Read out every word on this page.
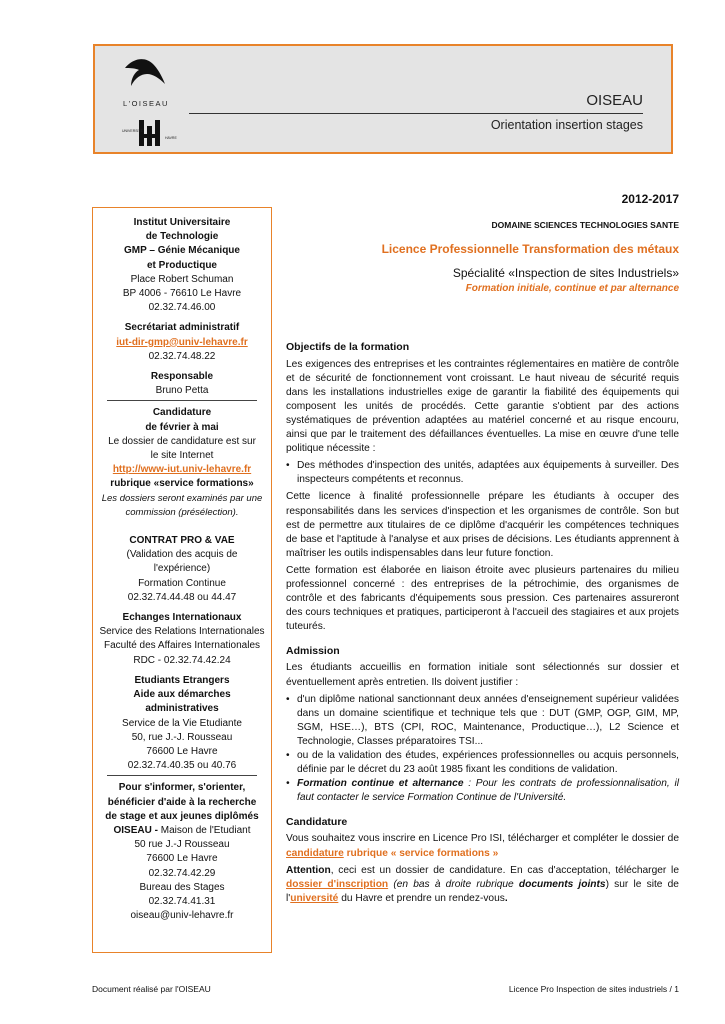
L'OISEAU
UNIVERSITÉ
HAVRE
OISEAU
Orientation insertion stages
Institut Universitaire
de Technologie
GMP – Génie Mécanique
et Productique
Place Robert Schuman
BP 4006 - 76610 Le Havre
02.32.74.46.00
Secrétariat administratif
iut-dir-gmp@univ-lehavre.fr
02.32.74.48.22
Responsable
Bruno Petta
Candidature
de février à mai
Le dossier de candidature est sur
le site Internet
http://www-iut.univ-lehavre.fr
rubrique «service formations»
Les dossiers seront examinés par une commission (présélection).
CONTRAT PRO & VAE
(Validation des acquis de
l'expérience)
Formation Continue
02.32.74.44.48 ou 44.47
Echanges Internationaux
Service des Relations Internationales
Faculté des Affaires Internationales
RDC - 02.32.74.42.24
Etudiants Etrangers
Aide aux démarches administratives
Service de la Vie Etudiante
50, rue J.-J. Rousseau
76600 Le Havre
02.32.74.40.35 ou 40.76
Pour s'informer, s'orienter,
bénéficier d'aide à la recherche
de stage et aux jeunes diplômés
OISEAU - Maison de l'Etudiant
50 rue J.-J Rousseau
76600 Le Havre
02.32.74.42.29
Bureau des Stages
02.32.74.41.31
oiseau@univ-lehavre.fr
2012-2017
DOMAINE SCIENCES TECHNOLOGIES SANTE
Licence Professionnelle Transformation des métaux
Spécialité «Inspection de sites Industriels»
Formation initiale, continue et par alternance
Objectifs de la formation

Les exigences des entreprises et les contraintes réglementaires en matière de contrôle et de sécurité de fonctionnement vont croissant. Le haut niveau de sécurité requis dans les installations industrielles exige de garantir la fiabilité des équipements qui composent les unités de procédés. Cette garantie s'obtient par des actions systématiques de prévention adaptées au matériel concerné et au risque encouru, ainsi que par le traitement des défaillances éventuelles. La mise en œuvre d'une telle politique nécessite :

• Des méthodes d'inspection des unités, adaptées aux équipements à surveiller. Des inspecteurs compétents et reconnus.

Cette licence à finalité professionnelle prépare les étudiants à occuper des responsabilités dans les services d'inspection et les organismes de contrôle. Son but est de permettre aux titulaires de ce diplôme d'acquérir les compétences techniques de base et l'aptitude à l'analyse et aux prises de décisions. Les étudiants apprennent à maîtriser les outils indispensables dans leur future fonction.

Cette formation est élaborée en liaison étroite avec plusieurs partenaires du milieu professionnel concerné : des entreprises de la pétrochimie, des organismes de contrôle et des fabricants d'équipements sous pression. Ces partenaires assureront des cours techniques et pratiques, participeront à l'accueil des stagiaires et aux projets tuteurés.

Admission

Les étudiants accueillis en formation initiale sont sélectionnés sur dossier et éventuellement après entretien. Ils doivent justifier :

• d'un diplôme national sanctionnant deux années d'enseignement supérieur validées dans un domaine scientifique et technique tels que : DUT (GMP, OGP, GIM, MP, SGM, HSE…), BTS (CPI, ROC, Maintenance, Productique…), L2 Science et Technologie, Classes préparatoires TSI...
• ou de la validation des études, expériences professionnelles ou acquis personnels, définie par le décret du 23 août 1985 fixant les conditions de validation.
• Formation continue et alternance : Pour les contrats de professionnalisation, il faut contacter le service Formation Continue de l'Université.
Candidature

Vous souhaitez vous inscrire en Licence Pro ISI, télécharger et compléter le dossier de candidature rubrique « service formations »

Attention, ceci est un dossier de candidature. En cas d'acceptation, télécharger le dossier d'inscription (en bas à droite rubrique documents joints) sur le site de l'université du Havre et prendre un rendez-vous.

Document réalisé par l'OISEAU	Licence Pro Inspection de sites industriels / 1
